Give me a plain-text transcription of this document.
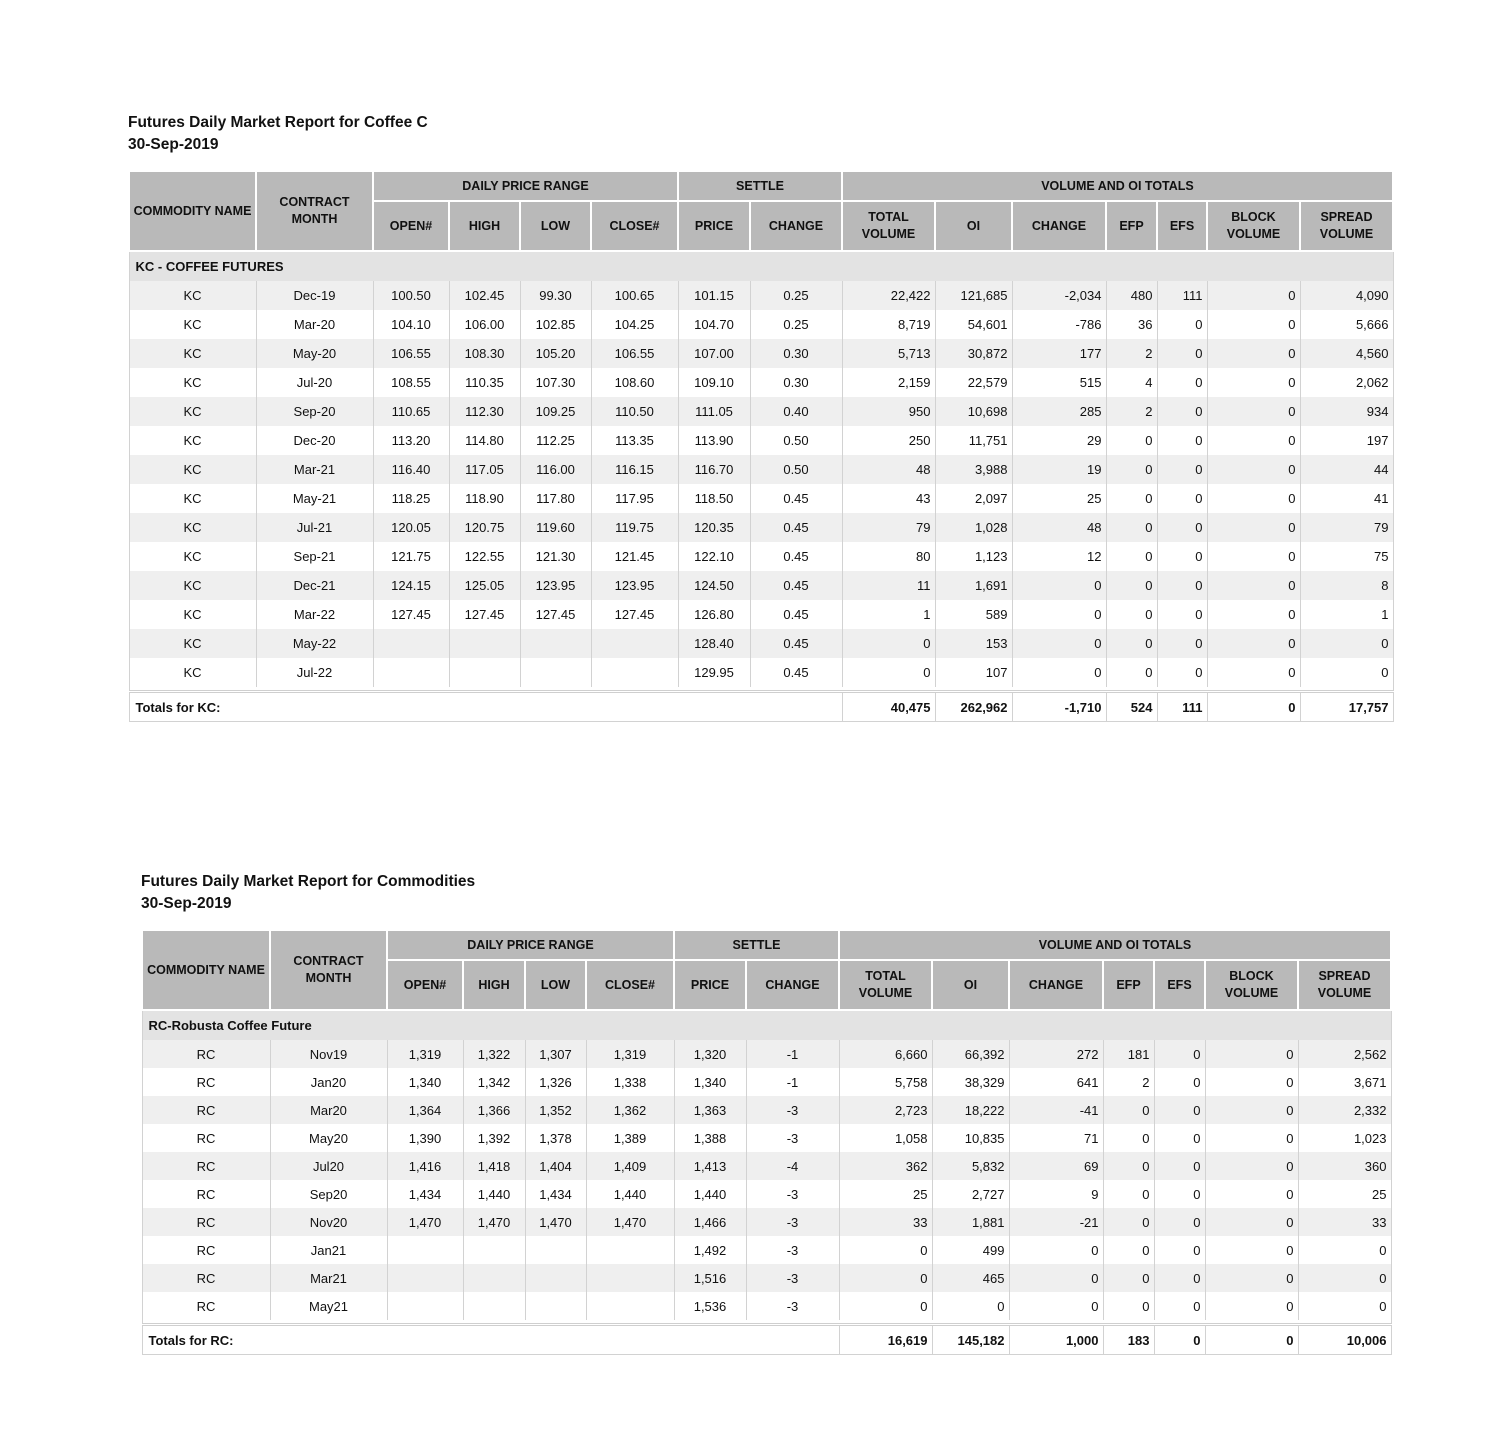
Futures Daily Market Report for Coffee C
30-Sep-2019
COMMODITY NAME	CONTRACT MONTH	DAILY PRICE RANGE				SETTLE		VOLUME AND OI TOTALS						
		OPEN#	HIGH	LOW	CLOSE#	PRICE	CHANGE	TOTAL VOLUME	OI	CHANGE	EFP	EFS	BLOCK VOLUME	SPREAD VOLUME
KC - COFFEE FUTURES														
KC	Dec-19	100.50	102.45	99.30	100.65	101.15	0.25	22,422	121,685	-2,034	480	111	0	4,090
KC	Mar-20	104.10	106.00	102.85	104.25	104.70	0.25	8,719	54,601	-786	36	0	0	5,666
KC	May-20	106.55	108.30	105.20	106.55	107.00	0.30	5,713	30,872	177	2	0	0	4,560
KC	Jul-20	108.55	110.35	107.30	108.60	109.10	0.30	2,159	22,579	515	4	0	0	2,062
KC	Sep-20	110.65	112.30	109.25	110.50	111.05	0.40	950	10,698	285	2	0	0	934
KC	Dec-20	113.20	114.80	112.25	113.35	113.90	0.50	250	11,751	29	0	0	0	197
KC	Mar-21	116.40	117.05	116.00	116.15	116.70	0.50	48	3,988	19	0	0	0	44
KC	May-21	118.25	118.90	117.80	117.95	118.50	0.45	43	2,097	25	0	0	0	41
KC	Jul-21	120.05	120.75	119.60	119.75	120.35	0.45	79	1,028	48	0	0	0	79
KC	Sep-21	121.75	122.55	121.30	121.45	122.10	0.45	80	1,123	12	0	0	0	75
KC	Dec-21	124.15	125.05	123.95	123.95	124.50	0.45	11	1,691	0	0	0	0	8
KC	Mar-22	127.45	127.45	127.45	127.45	126.80	0.45	1	589	0	0	0	0	1
KC	May-22					128.40	0.45	0	153	0	0	0	0	0
KC	Jul-22					129.95	0.45	0	107	0	0	0	0	0

Totals for KC:								40,475	262,962	-1,710	524	111	0	17,757
Futures Daily Market Report for Commodities
30-Sep-2019
COMMODITY NAME	CONTRACT MONTH	DAILY PRICE RANGE				SETTLE		VOLUME AND OI TOTALS						
		OPEN#	HIGH	LOW	CLOSE#	PRICE	CHANGE	TOTAL VOLUME	OI	CHANGE	EFP	EFS	BLOCK VOLUME	SPREAD VOLUME
RC-Robusta Coffee Future														
RC	Nov19	1,319	1,322	1,307	1,319	1,320	-1	6,660	66,392	272	181	0	0	2,562
RC	Jan20	1,340	1,342	1,326	1,338	1,340	-1	5,758	38,329	641	2	0	0	3,671
RC	Mar20	1,364	1,366	1,352	1,362	1,363	-3	2,723	18,222	-41	0	0	0	2,332
RC	May20	1,390	1,392	1,378	1,389	1,388	-3	1,058	10,835	71	0	0	0	1,023
RC	Jul20	1,416	1,418	1,404	1,409	1,413	-4	362	5,832	69	0	0	0	360
RC	Sep20	1,434	1,440	1,434	1,440	1,440	-3	25	2,727	9	0	0	0	25
RC	Nov20	1,470	1,470	1,470	1,470	1,466	-3	33	1,881	-21	0	0	0	33
RC	Jan21					1,492	-3	0	499	0	0	0	0	0
RC	Mar21					1,516	-3	0	465	0	0	0	0	0
RC	May21					1,536	-3	0	0	0	0	0	0	0

Totals for RC:								16,619	145,182	1,000	183	0	0	10,006
